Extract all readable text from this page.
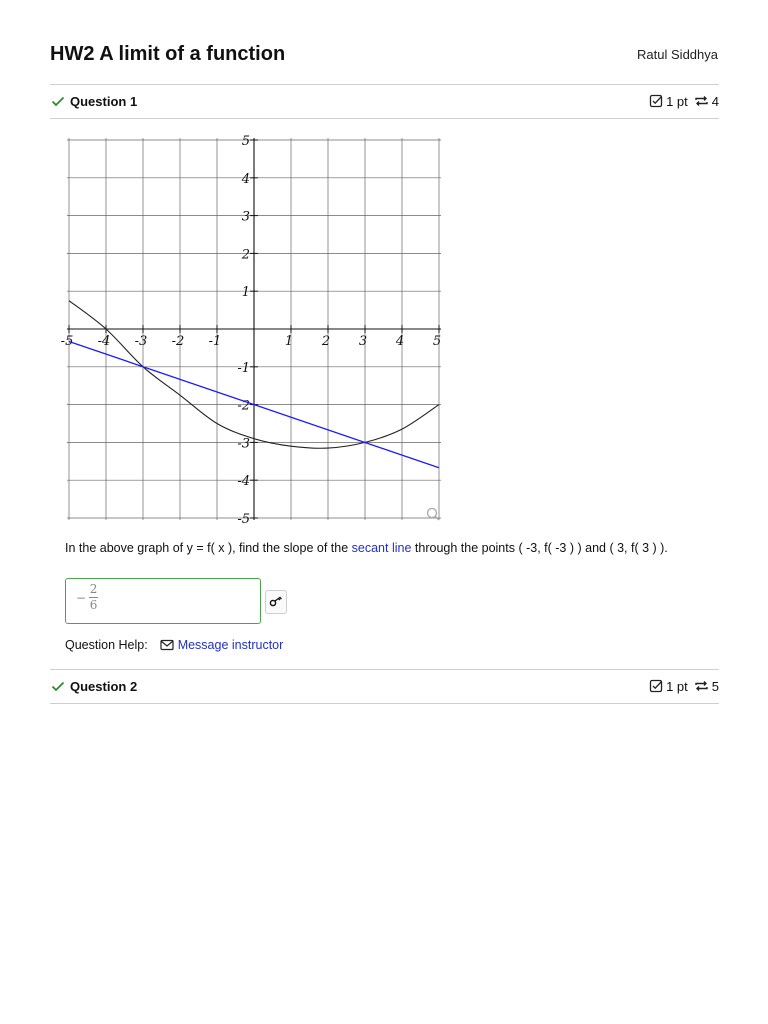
HW2 A limit of a function	Ratul Siddhya
Question 1	1 pt 4
-5 -4 -3 -2 -1	1 2 3 4 5
5
4
3
2
1
-1
-2
-3
-4
-5
In the above graph of y = f( x ), find the slope of the secant line through the points ( -3, f( -3 ) ) and ( 3, f( 3 ) ).
−
2
6
Question Help: Message instructor
Question 2	1 pt 5
